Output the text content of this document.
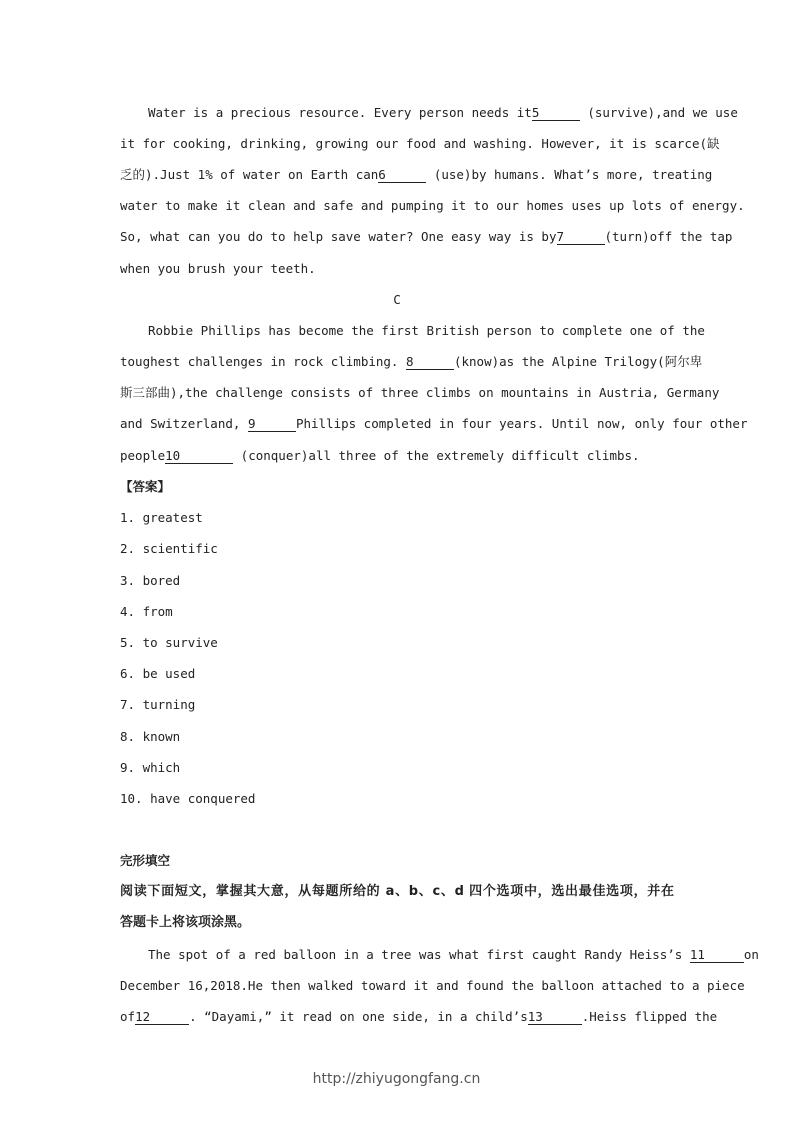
Water is a precious resource. Every person needs it5	(survive),and we use
it for cooking, drinking, growing our food and washing. However, it is scarce(缺
乏的).Just 1% of water on Earth can6	(use)by humans. What’s more, treating
water to make it clean and safe and pumping it to our homes uses up lots of energy.
So, what can you do to help save water? One easy way is by7	(turn)off the tap
when you brush your teeth.
C
Robbie Phillips has become the first British person to complete one of the
toughest challenges in rock climbing. 8	(know)as the Alpine Trilogy(阿尔卑
斯三部曲),the challenge consists of three climbs on mountains in Austria, Germany
and Switzerland, 9	Phillips completed in four years. Until now, only four other
people10	(conquer)all three of the extremely difficult climbs.
【答案】
1. greatest
2. scientific
3. bored
4. from
5. to survive
6. be used
7. turning
8. known
9. which
10. have conquered
完形填空
阅读下面短文，掌握其大意，从每题所给的 a、b、c、d 四个选项中，选出最佳选项，并在
答题卡上将该项涂黑。
The spot of a red balloon in a tree was what first caught Randy Heiss’s 11	on
December 16,2018.He then walked toward it and found the balloon attached to a piece
of12	. “Dayami,” it read on one side, in a child’s13	.Heiss flipped the
http://zhiyugongfang.cn
